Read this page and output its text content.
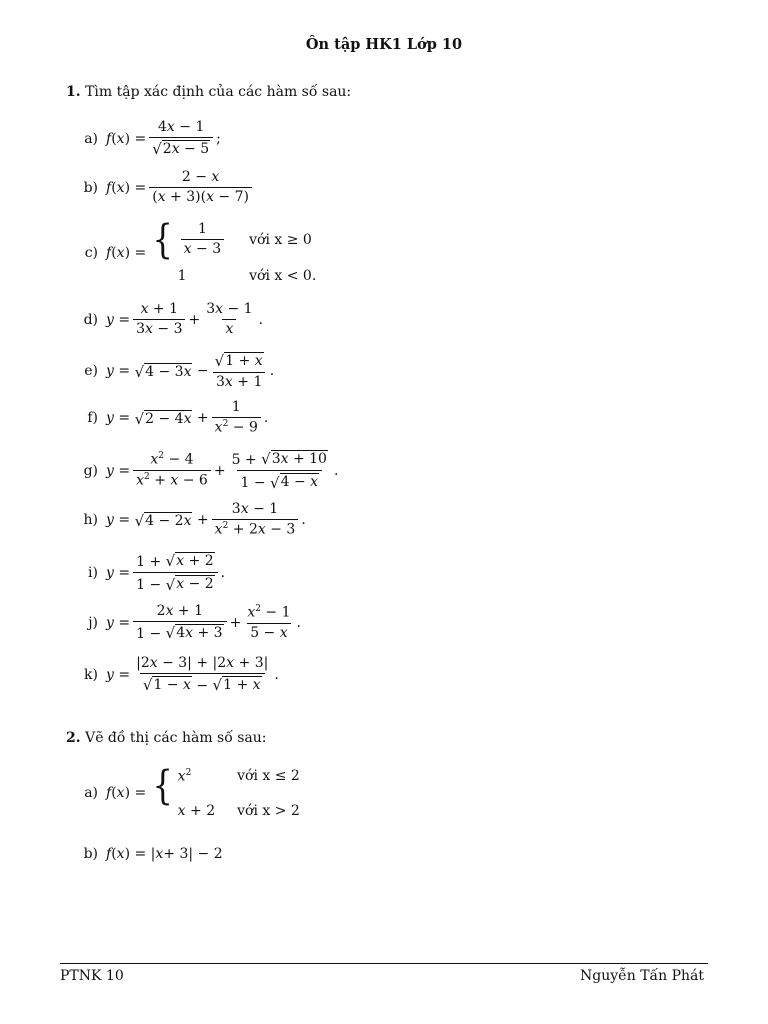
Ôn tập HK1 Lớp 10
1. Tìm tập xác định của các hàm số sau:
a) f ( x ) = $\frac{4x - 1}{√ 2x - 5}$ ;
b) f ( x ) = $\frac{2 - x}{(x + 3)(x - 7)}$
c) f ( x ) = { $\frac{1}{x - 3}$ với x ≥ 0
1	với x < 0.
d) $y = \frac{x + 1}{3x - 3} + \frac{3x - 1}{x}$ .
e) y = √ $4 - 3x - \frac{√ 1 + x}{3x + 1}$ .
f) y = √ $2 - 4x + \frac{1}{x^2 - 9}$ .
g) $y = \frac{x^2 - 4}{x^2 + x - 6} + \frac{5 + √ 3x + 10}{1 - √ 4 - x}$ .
h) y = √ $4 - 2x + \frac{3x - 1}{x^2 + 2x - 3}$ .
i) $y = \frac{1 + √ x + 2}{1 - √ x - 2}$ .
j) $y = \frac{2x + 1}{1 - √ 4x + 3} + \frac{x^2 - 1}{5 - x}$ .
k) $y = \frac{|2x - 3| + |2x + 3|}{√ 1 - x - √ 1 + x}$ .
2. Vẽ đồ thị các hàm số sau:
a) f ( x ) = { $x^2$	với x ≤ 2
x + 2 với x > 2
b) f ( x ) = | x + 3| − 2
PTNK 10	Nguyễn Tấn Phát
